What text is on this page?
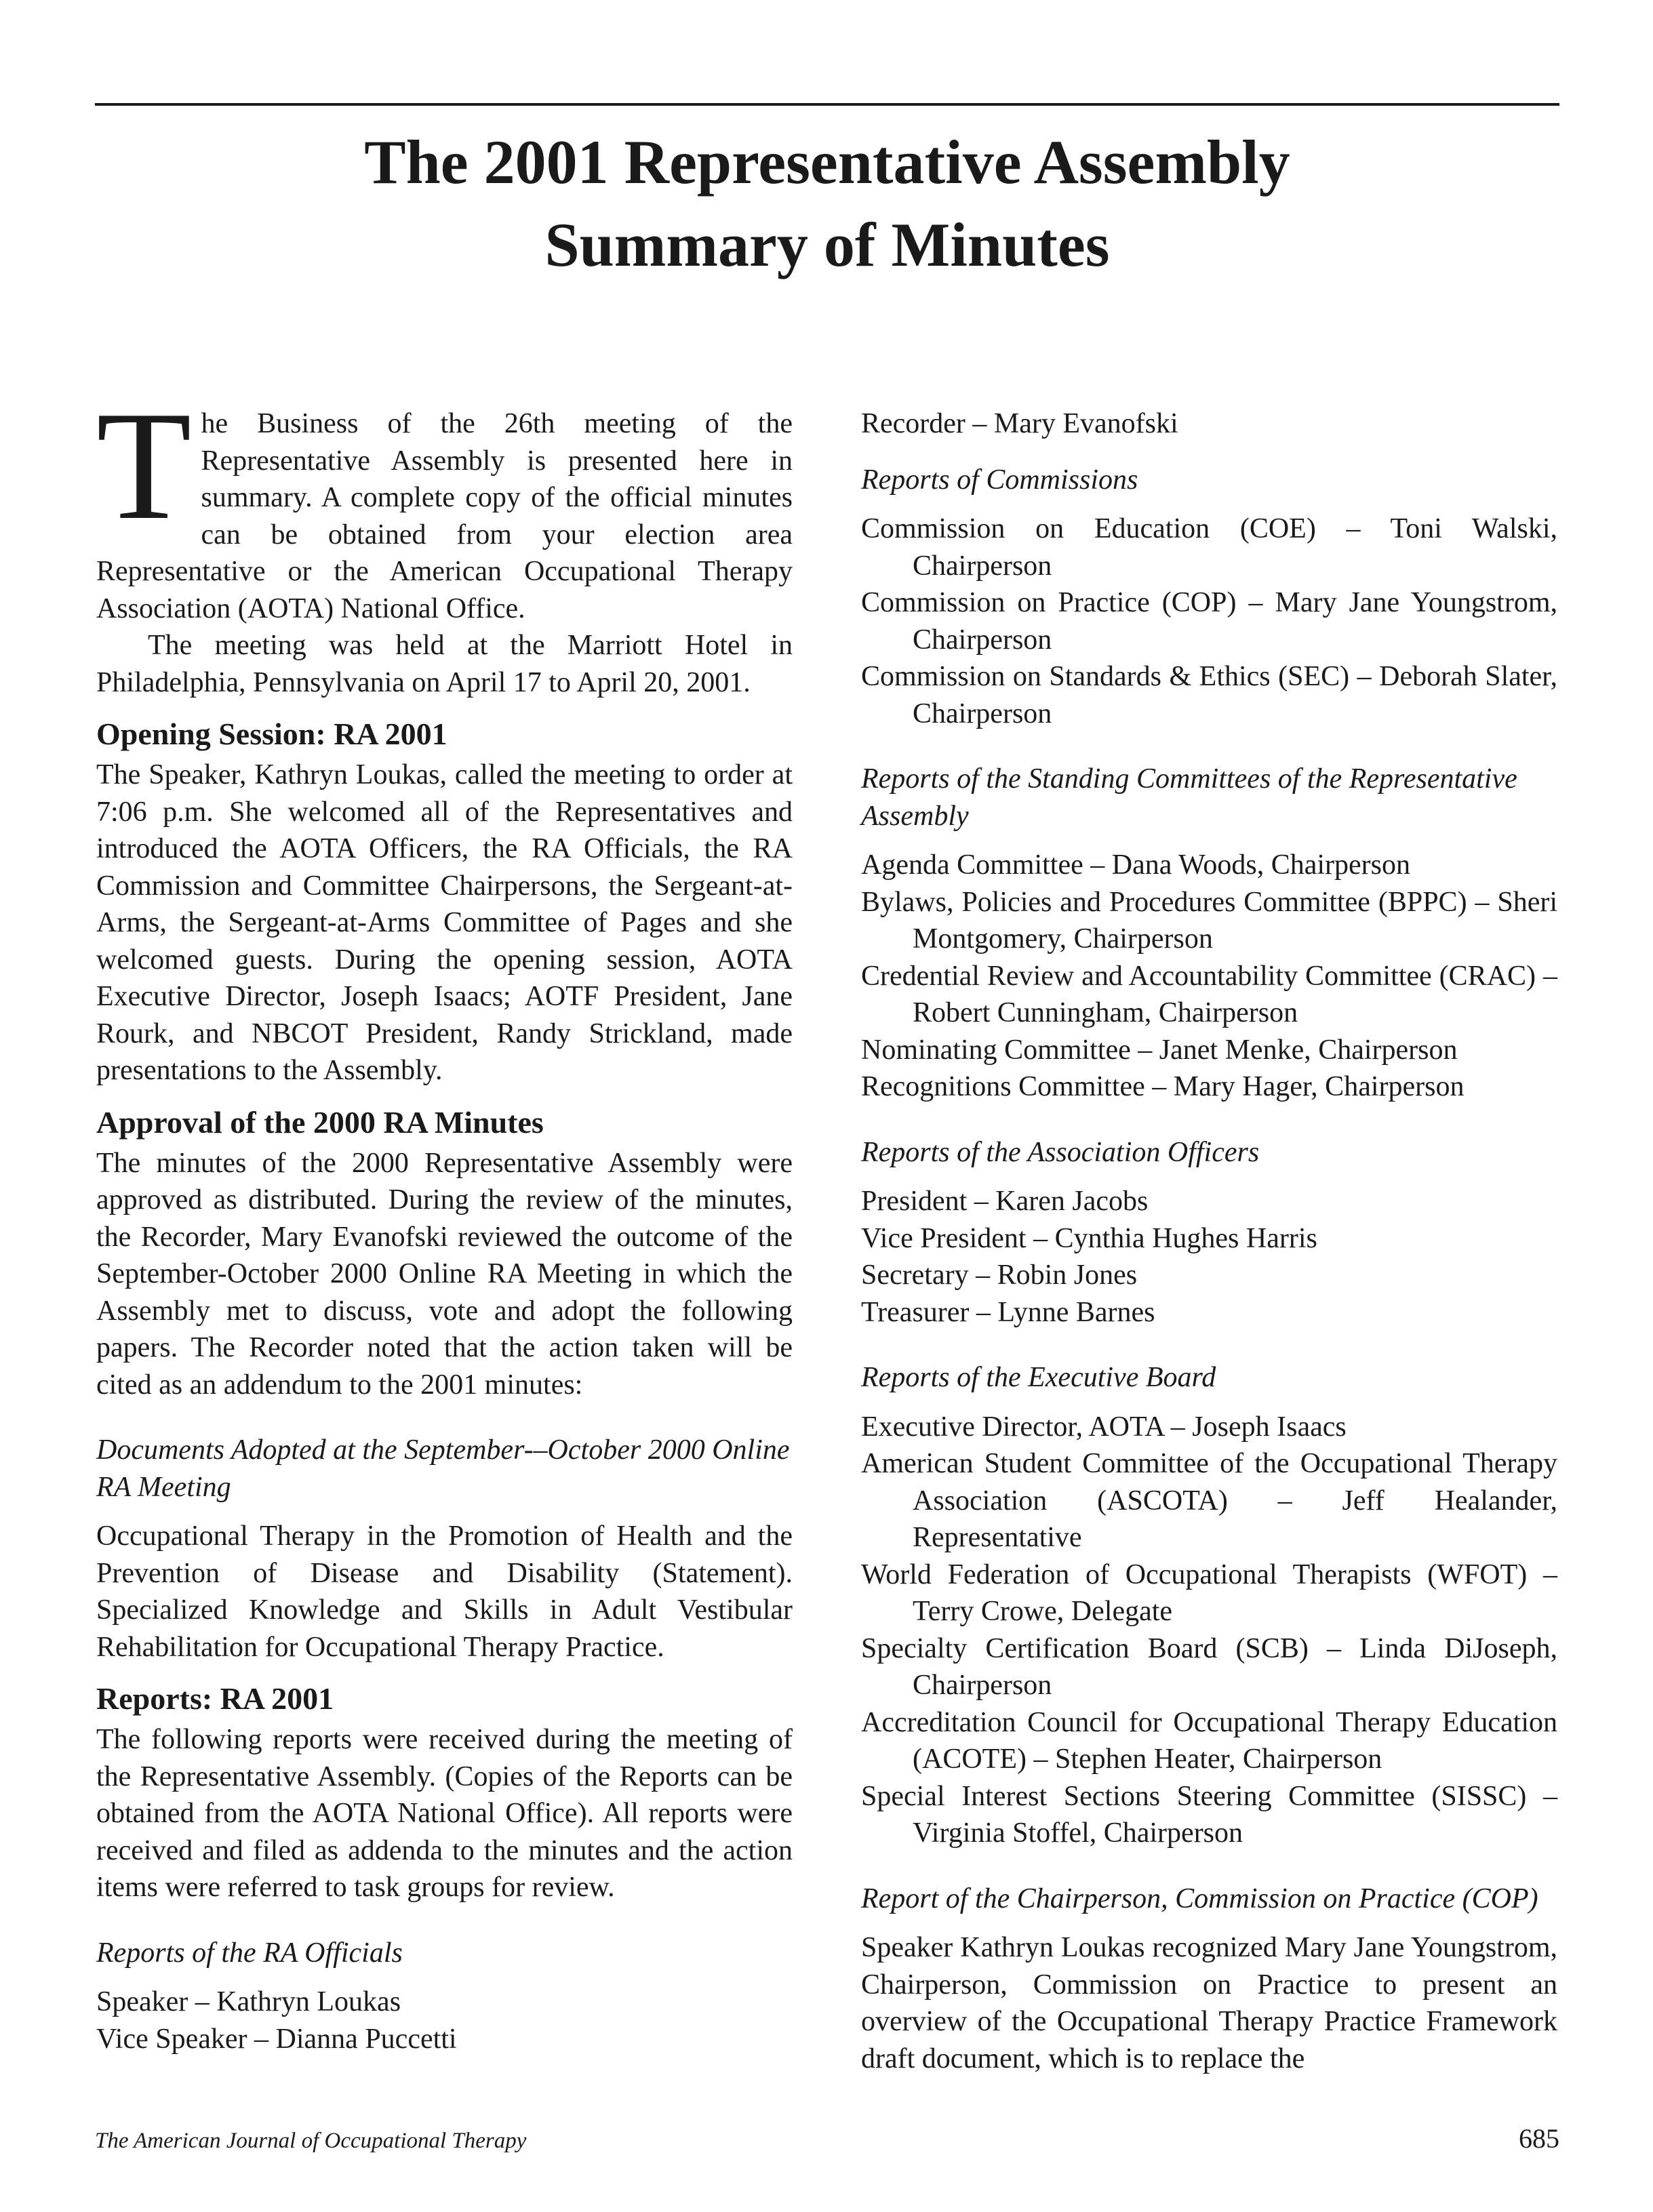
The 2001 Representative Assembly
Summary of Minutes

The Business of the 26th meeting of the Representative Assembly is presented here in summary. A complete copy of the official minutes can be obtained from your election area Representative or the American Occupational Therapy Association (AOTA) National Office.

The meeting was held at the Marriott Hotel in Philadelphia, Pennsylvania on April 17 to April 20, 2001.

Opening Session: RA 2001

The Speaker, Kathryn Loukas, called the meeting to order at 7:06 p.m. She welcomed all of the Representatives and introduced the AOTA Officers, the RA Officials, the RA Commission and Committee Chairpersons, the Sergeant-at-Arms, the Sergeant-at-Arms Committee of Pages and she welcomed guests. During the opening session, AOTA Executive Director, Joseph Isaacs; AOTF President, Jane Rourk, and NBCOT President, Randy Strickland, made presentations to the Assembly.

Approval of the 2000 RA Minutes

The minutes of the 2000 Representative Assembly were approved as distributed. During the review of the minutes, the Recorder, Mary Evanofski reviewed the outcome of the September-October 2000 Online RA Meeting in which the Assembly met to discuss, vote and adopt the following papers. The Recorder noted that the action taken will be cited as an addendum to the 2001 minutes:

Documents Adopted at the September-–October 2000 Online RA Meeting

Occupational Therapy in the Promotion of Health and the Prevention of Disease and Disability (Statement). Specialized Knowledge and Skills in Adult Vestibular Rehabilitation for Occupational Therapy Practice.

Reports: RA 2001

The following reports were received during the meeting of the Representative Assembly. (Copies of the Reports can be obtained from the AOTA National Office). All reports were received and filed as addenda to the minutes and the action items were referred to task groups for review.

Reports of the RA Officials

Speaker – Kathryn Loukas

Vice Speaker – Dianna Puccetti

Recorder – Mary Evanofski

Reports of Commissions

Commission on Education (COE) – Toni Walski, Chairperson

Commission on Practice (COP) – Mary Jane Youngstrom, Chairperson

Commission on Standards & Ethics (SEC) – Deborah Slater, Chairperson

Reports of the Standing Committees of the Representative Assembly

Agenda Committee – Dana Woods, Chairperson

Bylaws, Policies and Procedures Committee (BPPC) – Sheri Montgomery, Chairperson

Credential Review and Accountability Committee (CRAC) – Robert Cunningham, Chairperson

Nominating Committee – Janet Menke, Chairperson

Recognitions Committee – Mary Hager, Chairperson

Reports of the Association Officers

President – Karen Jacobs

Vice President – Cynthia Hughes Harris

Secretary – Robin Jones

Treasurer – Lynne Barnes

Reports of the Executive Board

Executive Director, AOTA – Joseph Isaacs

American Student Committee of the Occupational Therapy Association (ASCOTA) – Jeff Healander, Representative

World Federation of Occupational Therapists (WFOT) – Terry Crowe, Delegate

Specialty Certification Board (SCB) – Linda DiJoseph, Chairperson

Accreditation Council for Occupational Therapy Education (ACOTE) – Stephen Heater, Chairperson

Special Interest Sections Steering Committee (SISSC) – Virginia Stoffel, Chairperson

Report of the Chairperson, Commission on Practice (COP)

Speaker Kathryn Loukas recognized Mary Jane Youngstrom, Chairperson, Commission on Practice to present an overview of the Occupational Therapy Practice Framework draft document, which is to replace the

The American Journal of Occupational Therapy	685
